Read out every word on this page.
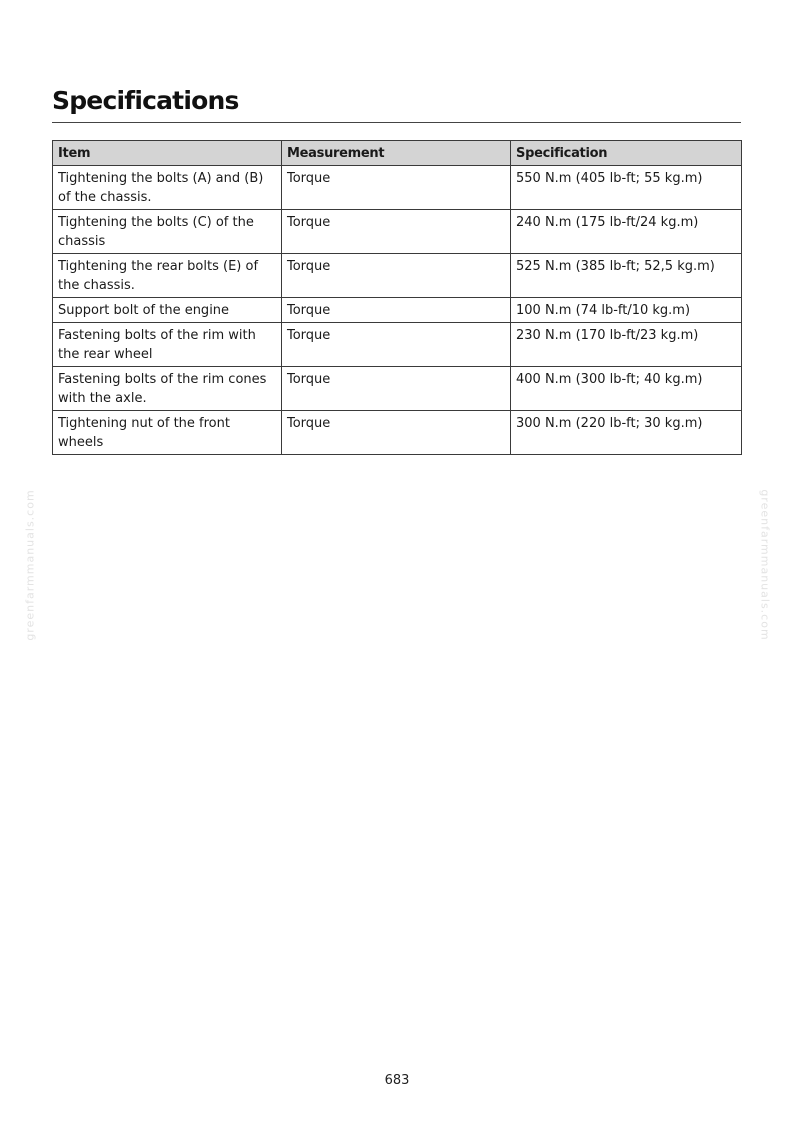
Specifications
Item	Measurement	Specification
Tightening the bolts (A) and (B) of the chassis.	Torque	550 N.m (405 lb-ft; 55 kg.m)
Tightening the bolts (C) of the chassis	Torque	240 N.m (175 lb-ft/24 kg.m)
Tightening the rear bolts (E) of the chassis.	Torque	525 N.m (385 lb-ft; 52,5 kg.m)
Support bolt of the engine	Torque	100 N.m (74 lb-ft/10 kg.m)
Fastening bolts of the rim with the rear wheel	Torque	230 N.m (170 lb-ft/23 kg.m)
Fastening bolts of the rim cones with the axle.	Torque	400 N.m (300 lb-ft; 40 kg.m)
Tightening nut of the front wheels	Torque	300 N.m (220 lb-ft; 30 kg.m)
greenfarmmanuals.com	greenfarmmanuals.com
683
